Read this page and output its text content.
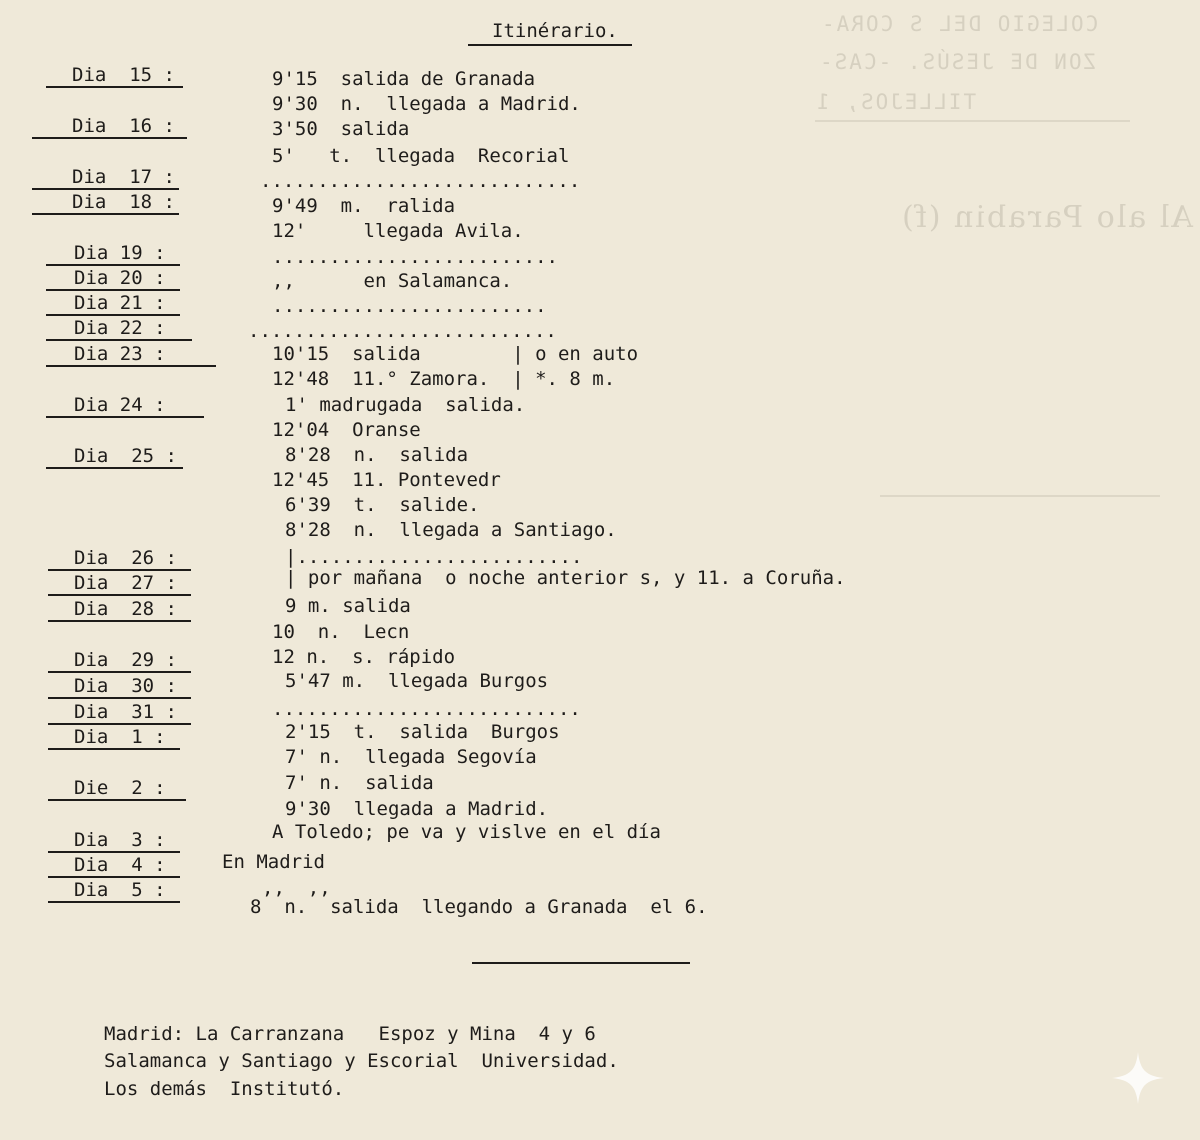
COLEGIO DEL S CORA-
ZON DE JESÚS. -CAS-
TILLEJOS, 1
Al alo Parabin (f)
Itinérario.
Dia  15 :
Dia  16 :
Dia  17 :
Dia  18 :
Dia 19 :
Dia 20 :
Dia 21 :
Dia 22 :
Dia 23 :
Dia 24 :
Dia  25 :
Dia  26 :
Dia  27 :
Dia  28 :
Dia  29 :
Dia  30 :
Dia  31 :
Dia  1 :
Die  2 :
Dia  3 :
Dia  4 :
Dia  5 :
9'15  salida de Granada
9'30  n.  llegada a Madrid.
3'50  salida
5'   t.  llegada  Recorial
............................
9'49  m.  ralida
12'     llegada Avila.
.........................
,,      en Salamanca.
........................
...........................
10'15  salida        | o en auto
12'48  11.° Zamora.  | *. 8 m.
1' madrugada  salida.
12'04  Oranse
8'28  n.  salida
12'45  11. Pontevedr
6'39  t.  salide.
8'28  n.  llegada a Santiago.
|.........................
| por mañana  o noche anterior s, y 11. a Coruña.
9 m. salida
10  n.  Lecn
12 n.  s. rápido
5'47 m.  llegada Burgos
...........................
2'15  t.  salida  Burgos
7' n.  llegada Segovía
7' n.  salida
9'30  llegada a Madrid.
A Toledo; pe va y vislve en el día
En Madrid
,,  ,,
8  n.  salida  llegando a Granada  el 6.
Madrid: La Carranzana   Espoz y Mina  4 y 6
Salamanca y Santiago y Escorial  Universidad.
Los demás  Institutó.
